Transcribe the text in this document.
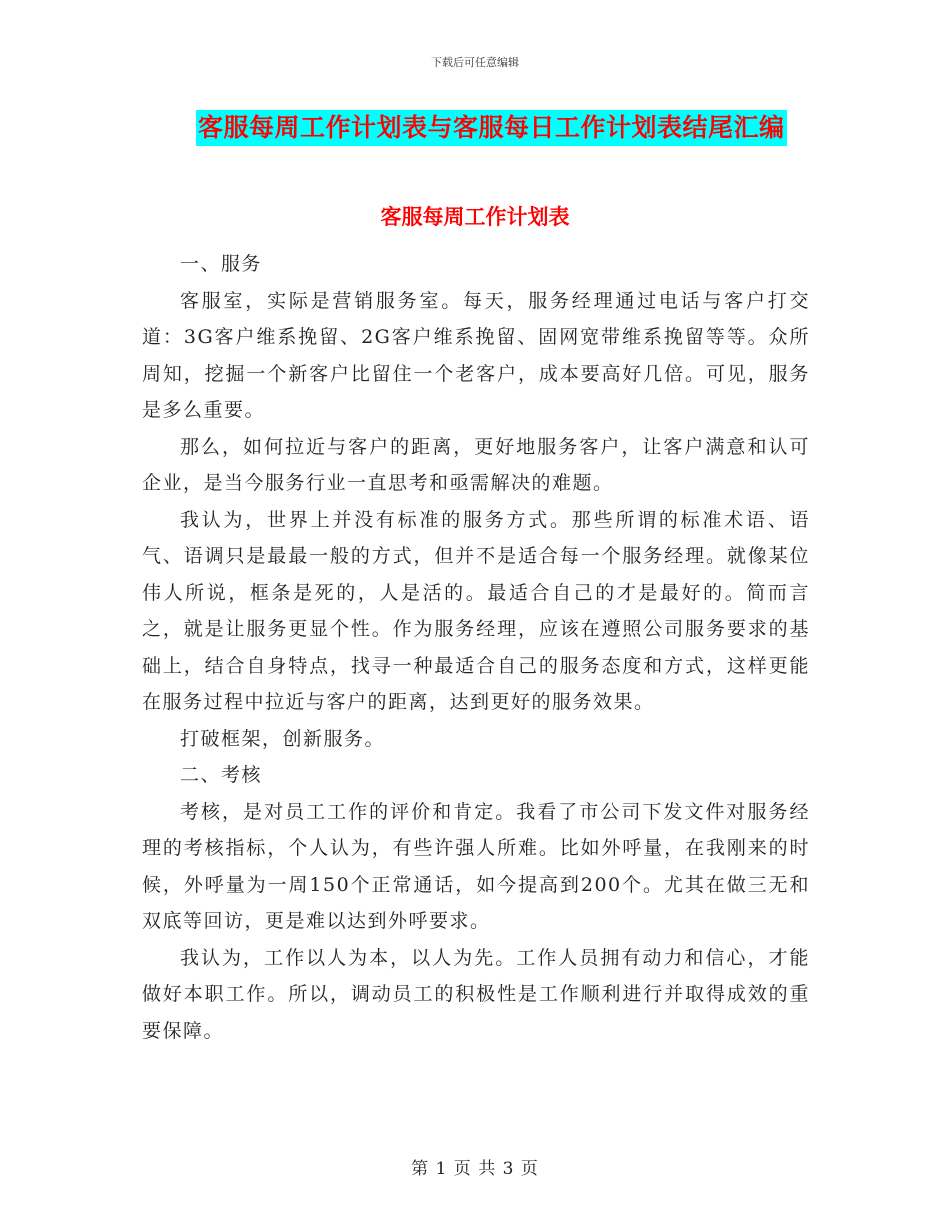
下载后可任意编辑
客服每周工作计划表与客服每日工作计划表结尾汇编
客服每周工作计划表

一、服务

客服室，实际是营销服务室。每天，服务经理通过电话与客户打交道：3G客户维系挽留、2G客户维系挽留、固网宽带维系挽留等等。众所周知，挖掘一个新客户比留住一个老客户，成本要高好几倍。可见，服务是多么重要。

那么，如何拉近与客户的距离，更好地服务客户，让客户满意和认可企业，是当今服务行业一直思考和亟需解决的难题。

我认为，世界上并没有标准的服务方式。那些所谓的标准术语、语气、语调只是最最一般的方式，但并不是适合每一个服务经理。就像某位伟人所说，框条是死的，人是活的。最适合自己的才是最好的。简而言之，就是让服务更显个性。作为服务经理，应该在遵照公司服务要求的基础上，结合自身特点，找寻一种最适合自己的服务态度和方式，这样更能在服务过程中拉近与客户的距离，达到更好的服务效果。

打破框架，创新服务。

二、考核

考核，是对员工工作的评价和肯定。我看了市公司下发文件对服务经理的考核指标，个人认为，有些许强人所难。比如外呼量，在我刚来的时候，外呼量为一周150个正常通话，如今提高到200个。尤其在做三无和双底等回访，更是难以达到外呼要求。

我认为，工作以人为本，以人为先。工作人员拥有动力和信心，才能做好本职工作。所以，调动员工的积极性是工作顺利进行并取得成效的重要保障。

第 1 页 共 3 页
